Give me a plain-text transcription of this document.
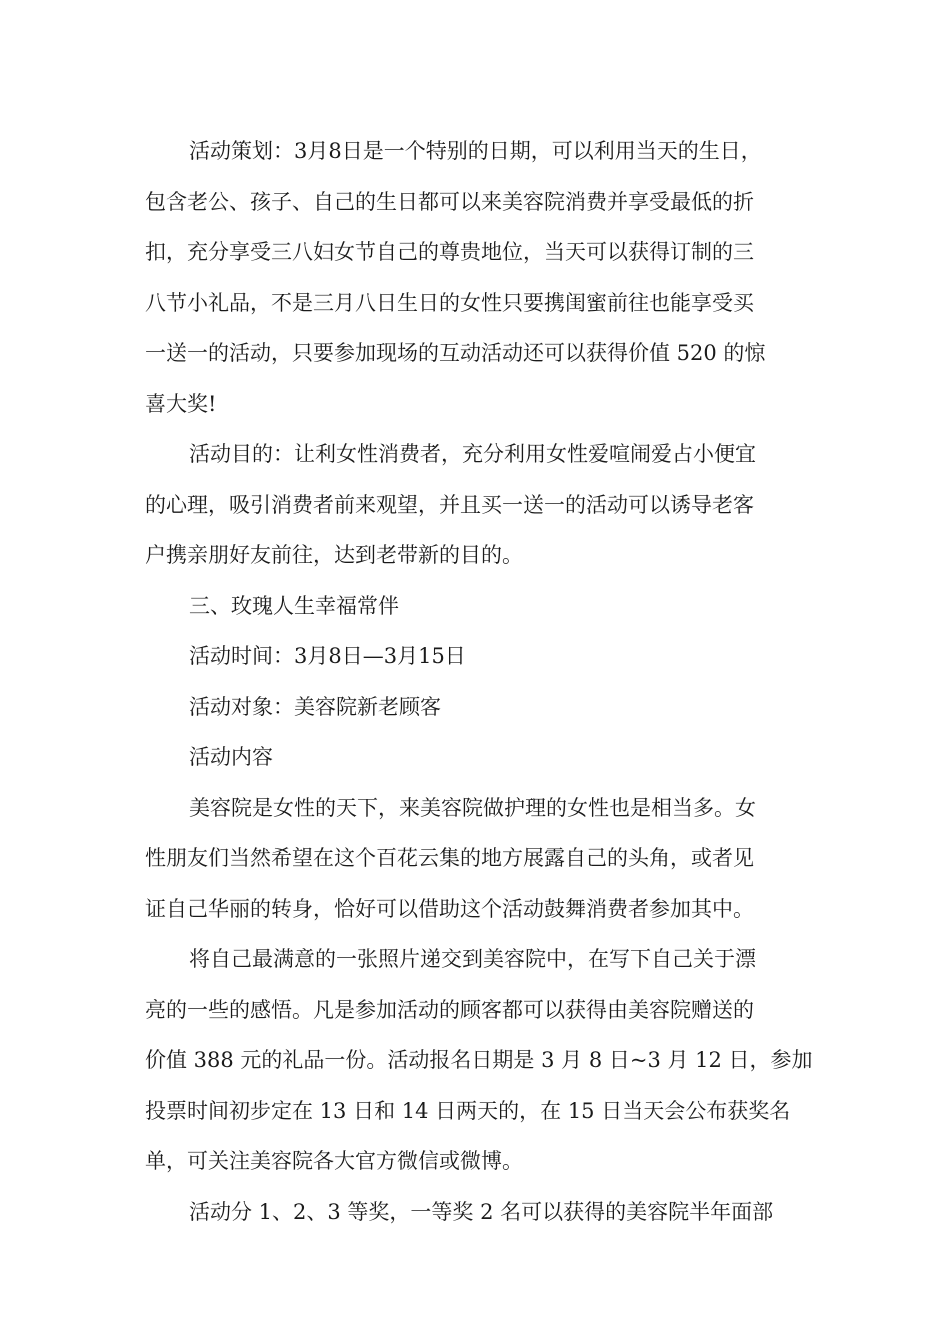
活动策划：3月8日是一个特别的日期，可以利用当天的生日，
包含老公、孩子、自己的生日都可以来美容院消费并享受最低的折
扣，充分享受三八妇女节自己的尊贵地位，当天可以获得订制的三
八节小礼品，不是三月八日生日的女性只要携闺蜜前往也能享受买
一送一的活动，只要参加现场的互动活动还可以获得价值 520 的惊
喜大奖!
活动目的：让利女性消费者，充分利用女性爱喧闹爱占小便宜
的心理，吸引消费者前来观望，并且买一送一的活动可以诱导老客
户携亲朋好友前往，达到老带新的目的。
三、玫瑰人生幸福常伴
活动时间：3月8日—3月15日
活动对象：美容院新老顾客
活动内容
美容院是女性的天下，来美容院做护理的女性也是相当多。女
性朋友们当然希望在这个百花云集的地方展露自己的头角，或者见
证自己华丽的转身，恰好可以借助这个活动鼓舞消费者参加其中。
将自己最满意的一张照片递交到美容院中，在写下自己关于漂
亮的一些的感悟。凡是参加活动的顾客都可以获得由美容院赠送的
价值 388 元的礼品一份。活动报名日期是 3 月 8 日~3 月 12 日，参加
投票时间初步定在 13 日和 14 日两天的，在 15 日当天会公布获奖名
单，可关注美容院各大官方微信或微博。
活动分 1、2、3 等奖，一等奖 2 名可以获得的美容院半年面部
